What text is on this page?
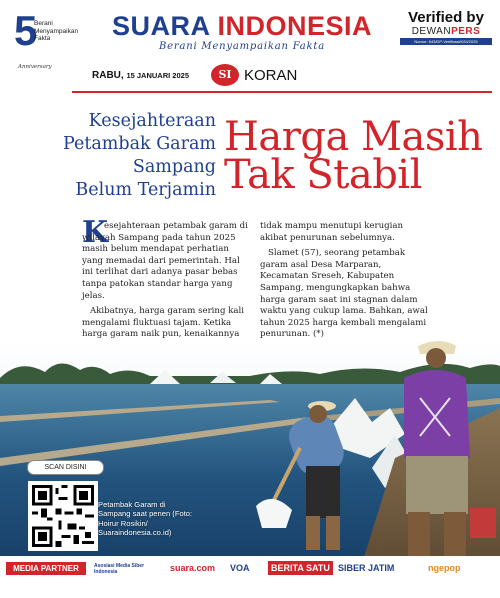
5
Berani Menyampaikan Fakta
Anniversary
SUARA INDONESIA
Berani Menyampaikan Fakta
Verified by
DEWANPERS
Nomor: 643/DP-Verifikasi/K/III/2025
RABU, 15 JANUARI 2025	SI KORAN
Kesejahteraan
Petambak Garam
Sampang
Belum Terjamin
Harga Masih
Tak Stabil
K

esejahteraan petambak garam di wilayah Sampang pada tahun 2025 masih belum mendapat perhatian yang memadai dari pemerintah. Hal ini terlihat dari adanya pasar bebas tanpa patokan standar harga yang jelas.

Akibatnya, harga garam sering kali mengalami fluktuasi tajam. Ketika harga garam naik pun, kenaikannya

tidak mampu menutupi kerugian akibat penurunan sebelumnya.

Slamet (57), seorang petambak garam asal Desa Marparan, Kecamatan Sreseh, Kabupaten Sampang, mengungkapkan bahwa harga garam saat ini stagnan dalam waktu yang cukup lama. Bahkan, awal tahun 2025 harga kembali mengalami penurunan. (*)

SCAN DISINI
Petambak Garam di Sampang saat penen (Foto: Hoirur Rosikin/ Suaraindonesia.co.id)
MEDIA PARTNER	Asosiasi Media Siber Indonesia	suara.com VOA	BERITA SATU SIBER JATIM	ngepop
